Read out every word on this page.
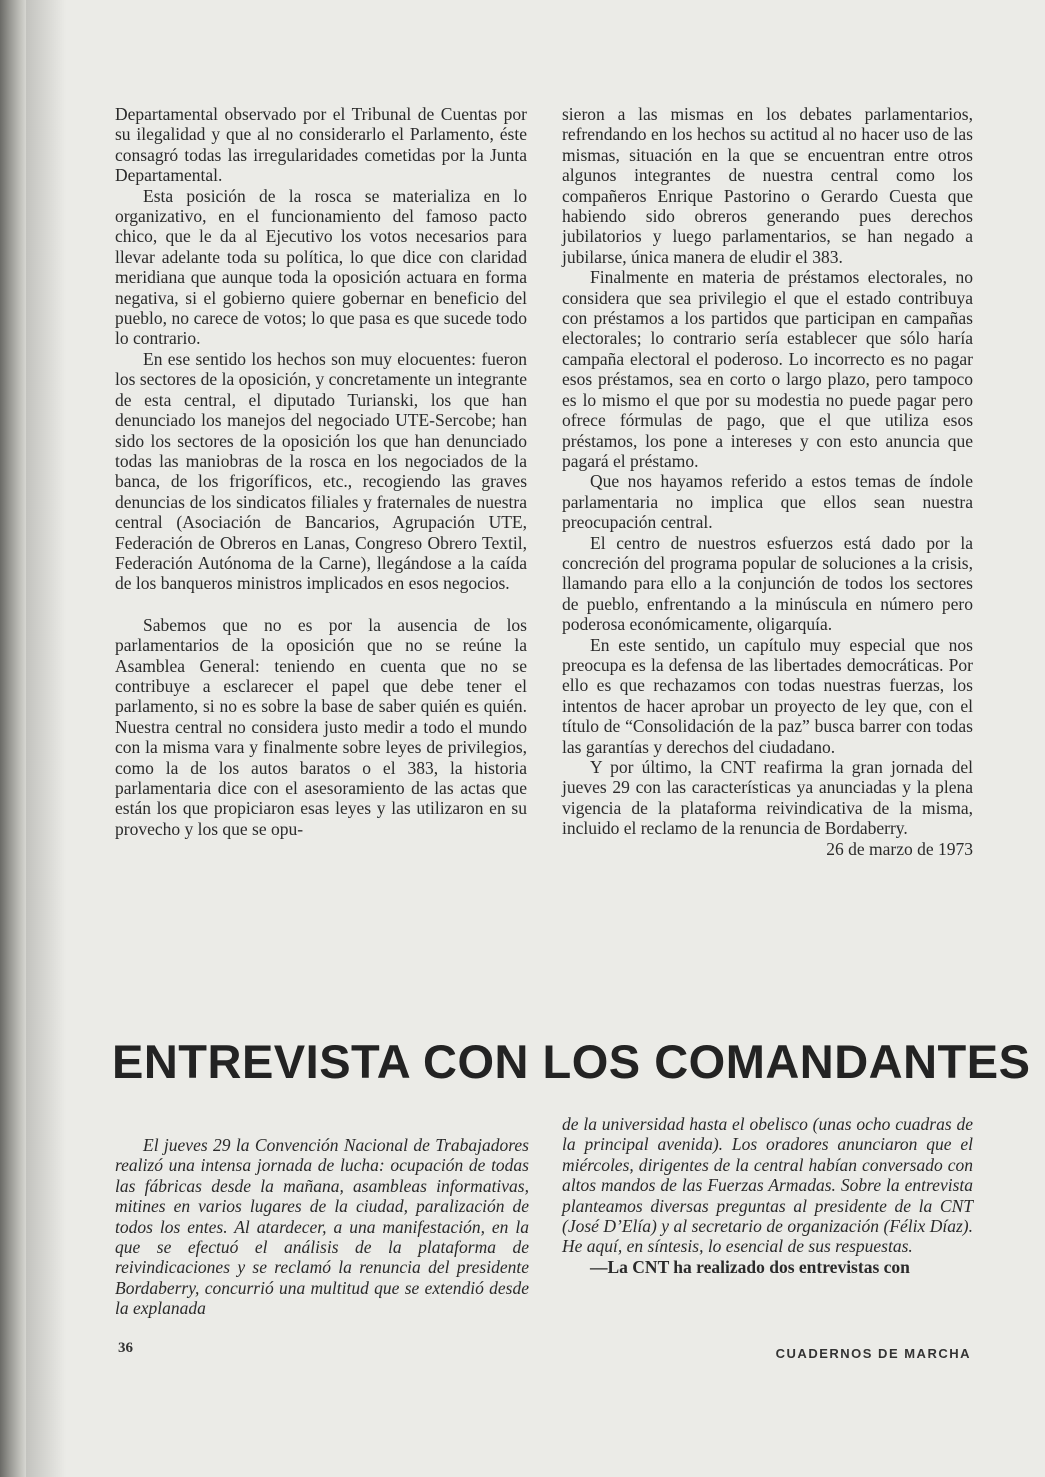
Departamental observado por el Tribunal de Cuentas por su ilegalidad y que al no considerarlo el Parlamento, éste consagró todas las irregularidades cometidas por la Junta Departamental.

Esta posición de la rosca se materializa en lo organizativo, en el funcionamiento del famoso pacto chico, que le da al Ejecutivo los votos necesarios para llevar adelante toda su política, lo que dice con claridad meridiana que aunque toda la oposición actuara en forma negativa, si el gobierno quiere gobernar en beneficio del pueblo, no carece de votos; lo que pasa es que sucede todo lo contrario.

En ese sentido los hechos son muy elocuentes: fueron los sectores de la oposición, y concretamente un integrante de esta central, el diputado Turianski, los que han denunciado los manejos del negociado UTE-Sercobe; han sido los sectores de la oposición los que han denunciado todas las maniobras de la rosca en los negociados de la banca, de los frigoríficos, etc., recogiendo las graves denuncias de los sindicatos filiales y fraternales de nuestra central (Asociación de Bancarios, Agrupación UTE, Federación de Obreros en Lanas, Congreso Obrero Textil, Federación Autónoma de la Carne), llegándose a la caída de los banqueros ministros implicados en esos negocios.

Sabemos que no es por la ausencia de los parlamentarios de la oposición que no se reúne la Asamblea General: teniendo en cuenta que no se contribuye a esclarecer el papel que debe tener el parlamento, si no es sobre la base de saber quién es quién. Nuestra central no considera justo medir a todo el mundo con la misma vara y finalmente sobre leyes de privilegios, como la de los autos baratos o el 383, la historia parlamentaria dice con el asesoramiento de las actas que están los que propiciaron esas leyes y las utilizaron en su provecho y los que se opu-

sieron a las mismas en los debates parlamentarios, refrendando en los hechos su actitud al no hacer uso de las mismas, situación en la que se encuentran entre otros algunos integrantes de nuestra central como los compañeros Enrique Pastorino o Gerardo Cuesta que habiendo sido obreros generando pues derechos jubilatorios y luego parlamentarios, se han negado a jubilarse, única manera de eludir el 383.

Finalmente en materia de préstamos electorales, no considera que sea privilegio el que el estado contribuya con préstamos a los partidos que participan en campañas electorales; lo contrario sería establecer que sólo haría campaña electoral el poderoso. Lo incorrecto es no pagar esos préstamos, sea en corto o largo plazo, pero tampoco es lo mismo el que por su modestia no puede pagar pero ofrece fórmulas de pago, que el que utiliza esos préstamos, los pone a intereses y con esto anuncia que pagará el préstamo.

Que nos hayamos referido a estos temas de índole parlamentaria no implica que ellos sean nuestra preocupación central.

El centro de nuestros esfuerzos está dado por la concreción del programa popular de soluciones a la crisis, llamando para ello a la conjunción de todos los sectores de pueblo, enfrentando a la minúscula en número pero poderosa económicamente, oligarquía.

En este sentido, un capítulo muy especial que nos preocupa es la defensa de las libertades democráticas. Por ello es que rechazamos con todas nuestras fuerzas, los intentos de hacer aprobar un proyecto de ley que, con el título de “Consolidación de la paz” busca barrer con todas las garantías y derechos del ciudadano.

Y por último, la CNT reafirma la gran jornada del jueves 29 con las características ya anunciadas y la plena vigencia de la plataforma reivindicativa de la misma, incluido el reclamo de la renuncia de Bordaberry.

26 de marzo de 1973

ENTREVISTA CON LOS COMANDANTES

El jueves 29 la Convención Nacional de Trabajadores realizó una intensa jornada de lucha: ocupación de todas las fábricas desde la mañana, asambleas informativas, mitines en varios lugares de la ciudad, paralización de todos los entes. Al atardecer, a una manifestación, en la que se efectuó el análisis de la plataforma de reivindicaciones y se reclamó la renuncia del presidente Bordaberry, concurrió una multitud que se extendió desde la explanada

de la universidad hasta el obelisco (unas ocho cuadras de la principal avenida). Los oradores anunciaron que el miércoles, dirigentes de la central habían conversado con altos mandos de las Fuerzas Armadas. Sobre la entrevista planteamos diversas preguntas al presidente de la CNT (José D’Elía) y al secretario de organización (Félix Díaz). He aquí, en síntesis, lo esencial de sus respuestas.

—La CNT ha realizado dos entrevistas con

36	CUADERNOS DE MARCHA
